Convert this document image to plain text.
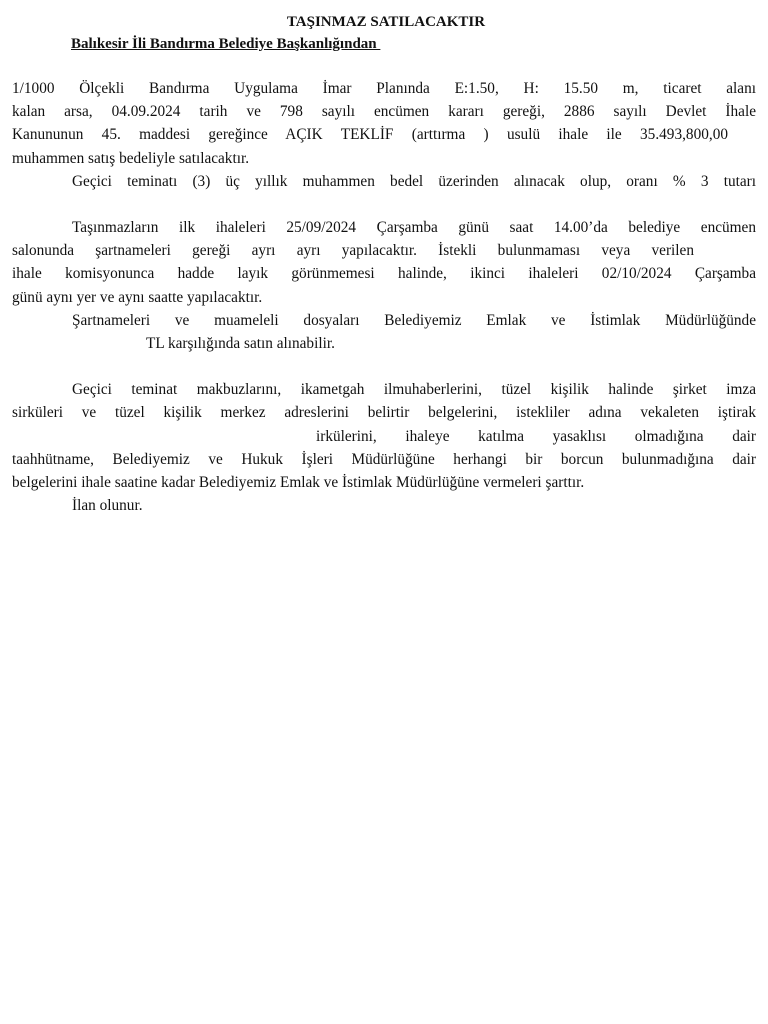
TAŞINMAZ SATILACAKTIR
Balıkesir İli Bandırma Belediye Başkanlığından

1/1000 Ölçekli Bandırma Uygulama İmar Planında E:1.50, H: 15.50 m, ticaret alanı

kalan arsa, 04.09.2024 tarih ve 798 sayılı encümen kararı gereği, 2886 sayılı Devlet İhale

Kanununun 45. maddesi gereğince AÇIK TEKLİF (arttırma ) usulü ihale ile 35.493,800,00

muhammen satış bedeliyle satılacaktır.

Geçici teminatı (3) üç yıllık muhammen bedel üzerinden alınacak olup, oranı % 3 tutarı

Taşınmazların ilk ihaleleri 25/09/2024 Çarşamba günü saat 14.00’da belediye encümen

salonunda şartnameleri gereği ayrı ayrı yapılacaktır. İstekli bulunmaması veya verilen

ihale komisyonunca hadde layık görünmemesi halinde, ikinci ihaleleri 02/10/2024 Çarşamba

günü aynı yer ve aynı saatte yapılacaktır.

Şartnameleri ve muameleli dosyaları Belediyemiz Emlak ve İstimlak Müdürlüğünde

TL karşılığında satın alınabilir.

Geçici teminat makbuzlarını, ikametgah ilmuhaberlerini, tüzel kişilik halinde şirket imza

sirküleri ve tüzel kişilik merkez adreslerini belirtir belgelerini, istekliler adına vekaleten iştirak

irkülerini, ihaleye katılma yasaklısı olmadığına dair

taahhütname, Belediyemiz ve Hukuk İşleri Müdürlüğüne herhangi bir borcun bulunmadığına dair

belgelerini ihale saatine kadar Belediyemiz Emlak ve İstimlak Müdürlüğüne vermeleri şarttır.

İlan olunur.
